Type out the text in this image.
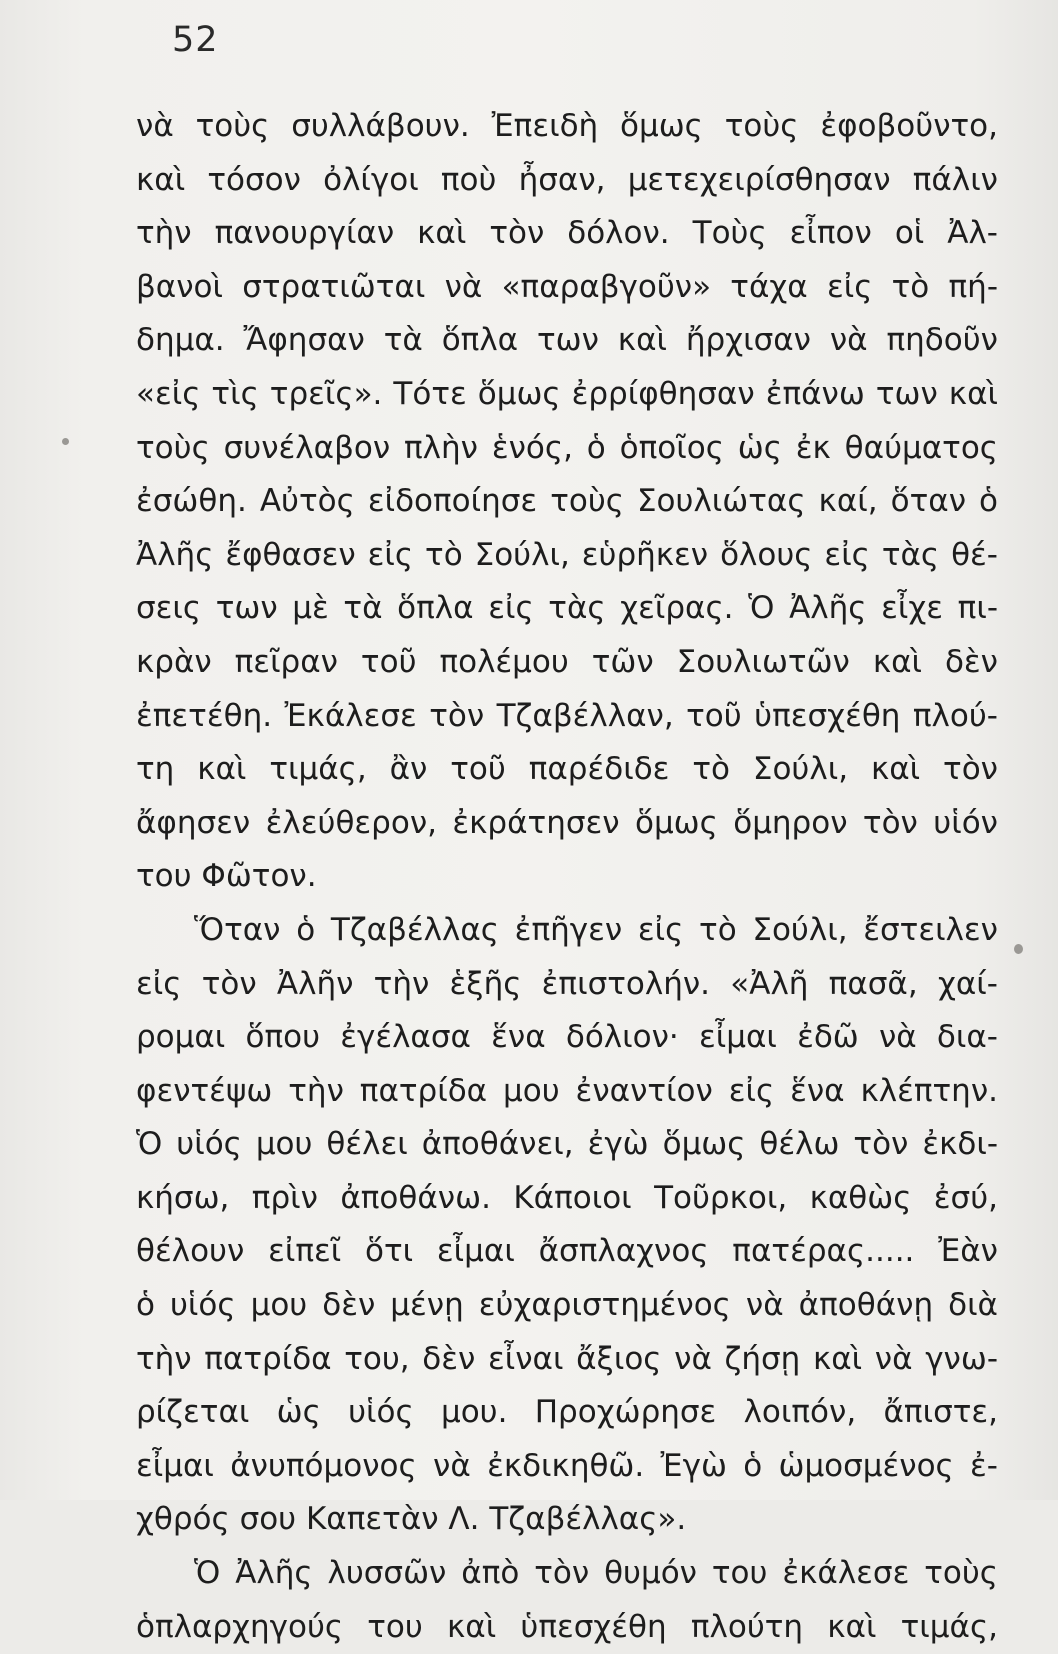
52
νὰ τοὺς συλλάβουν. Ἐπειδὴ ὅμως τοὺς ἐφοβοῦντο,
καὶ τόσον ὀλίγοι ποὺ ἦσαν, μετεχειρίσθησαν πάλιν
τὴν πανουργίαν καὶ τὸν δόλον. Τοὺς εἶπον οἱ Ἀλ-
βανοὶ στρατιῶται νὰ «παραβγοῦν» τάχα εἰς τὸ πή-
δημα. Ἄφησαν τὰ ὅπλα των καὶ ἤρχισαν νὰ πηδοῦν
«εἰς τὶς τρεῖς». Τότε ὅμως ἐρρίφθησαν ἐπάνω των καὶ
τοὺς συνέλαβον πλὴν ἑνός, ὁ ὁποῖος ὡς ἐκ θαύματος
ἐσώθη. Αὐτὸς εἰδοποίησε τοὺς Σουλιώτας καί, ὅταν ὁ
Ἀλῆς ἔφθασεν εἰς τὸ Σούλι, εὑρῆκεν ὅλους εἰς τὰς θέ-
σεις των μὲ τὰ ὅπλα εἰς τὰς χεῖρας. Ὁ Ἀλῆς εἶχε πι-
κρὰν πεῖραν τοῦ πολέμου τῶν Σουλιωτῶν καὶ δὲν
ἐπετέθη. Ἐκάλεσε τὸν Τζαβέλλαν, τοῦ ὑπεσχέθη πλού-
τη καὶ τιμάς, ἂν τοῦ παρέδιδε τὸ Σούλι, καὶ τὸν
ἄφησεν ἐλεύθερον, ἐκράτησεν ὅμως ὅμηρον τὸν υἱόν
του Φῶτον.
Ὅταν ὁ Τζαβέλλας ἐπῆγεν εἰς τὸ Σούλι, ἔστειλεν
εἰς τὸν Ἀλῆν τὴν ἑξῆς ἐπιστολήν. «Ἀλῆ πασᾶ, χαί-
ρομαι ὅπου ἐγέλασα ἕνα δόλιον· εἶμαι ἐδῶ νὰ δια-
φεντέψω τὴν πατρίδα μου ἐναντίον εἰς ἕνα κλέπτην.
Ὁ υἱός μου θέλει ἀποθάνει, ἐγὼ ὅμως θέλω τὸν ἐκδι-
κήσω, πρὶν ἀποθάνω. Κάποιοι Τοῦρκοι, καθὼς ἐσύ,
θέλουν εἰπεῖ ὅτι εἶμαι ἄσπλαχνος πατέρας..... Ἐὰν
ὁ υἱός μου δὲν μένῃ εὐχαριστημένος νὰ ἀποθάνῃ διὰ
τὴν πατρίδα του, δὲν εἶναι ἄξιος νὰ ζήσῃ καὶ νὰ γνω-
ρίζεται ὡς υἱός μου. Προχώρησε λοιπόν, ἄπιστε,
εἶμαι ἀνυπόμονος νὰ ἐκδικηθῶ. Ἐγὼ ὁ ὡμοσμένος ἐ-
χθρός σου Καπετὰν Λ. Τζαβέλλας».
Ὁ Ἀλῆς λυσσῶν ἀπὸ τὸν θυμόν του ἐκάλεσε τοὺς
ὁπλαρχηγούς του καὶ ὑπεσχέθη πλούτη καὶ τιμάς,
